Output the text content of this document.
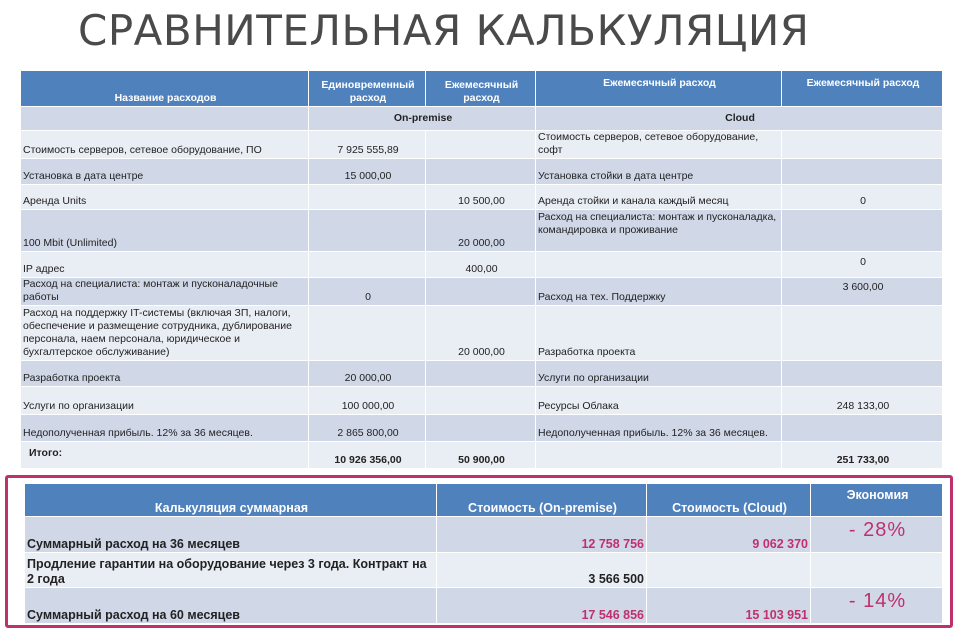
СРАВНИТЕЛЬНАЯ КАЛЬКУЛЯЦИЯ
Название расходов	Единовременный расход	Ежемесячный расход	Ежемесячный расход	Ежемесячный расход
	On-premise		Cloud	
Стоимость серверов, сетевое оборудование, ПО	7 925 555,89		Стоимость серверов, сетевое оборудование, софт	
Установка в дата центре	15 000,00		Установка стойки в дата центре	
Аренда Units		10 500,00	Аренда стойки и канала каждый месяц	0
100 Mbit (Unlimited)		20 000,00	Расход на специалиста: монтаж и пусконаладка, командировка и проживание	
IP адрес		400,00		0
Расход на специалиста: монтаж и пусконаладочные работы	0		Расход на тех. Поддержку	3 600,00
Расход на поддержку IT-системы (включая ЗП, налоги, обеспечение и размещение сотрудника, дублирование персонала, наем персонала, юридическое и бухгалтерское обслуживание)		20 000,00	Разработка проекта	
Разработка проекта	20 000,00		Услуги по организации	
Услуги по организации	100 000,00		Ресурсы Облака	248 133,00
Недополученная прибыль. 12% за 36 месяцев.	2 865 800,00		Недополученная прибыль. 12% за 36 месяцев.	
Итого:	10 926 356,00	50 900,00		251 733,00
Калькуляция суммарная	Стоимость (On-premise)	Стоимость (Cloud)	Экономия
Суммарный расход на 36 месяцев	12 758 756	9 062 370	- 28%
Продление гарантии на оборудование через 3 года. Контракт на 2 года	3 566 500		
Суммарный расход на 60 месяцев	17 546 856	15 103 951	- 14%
